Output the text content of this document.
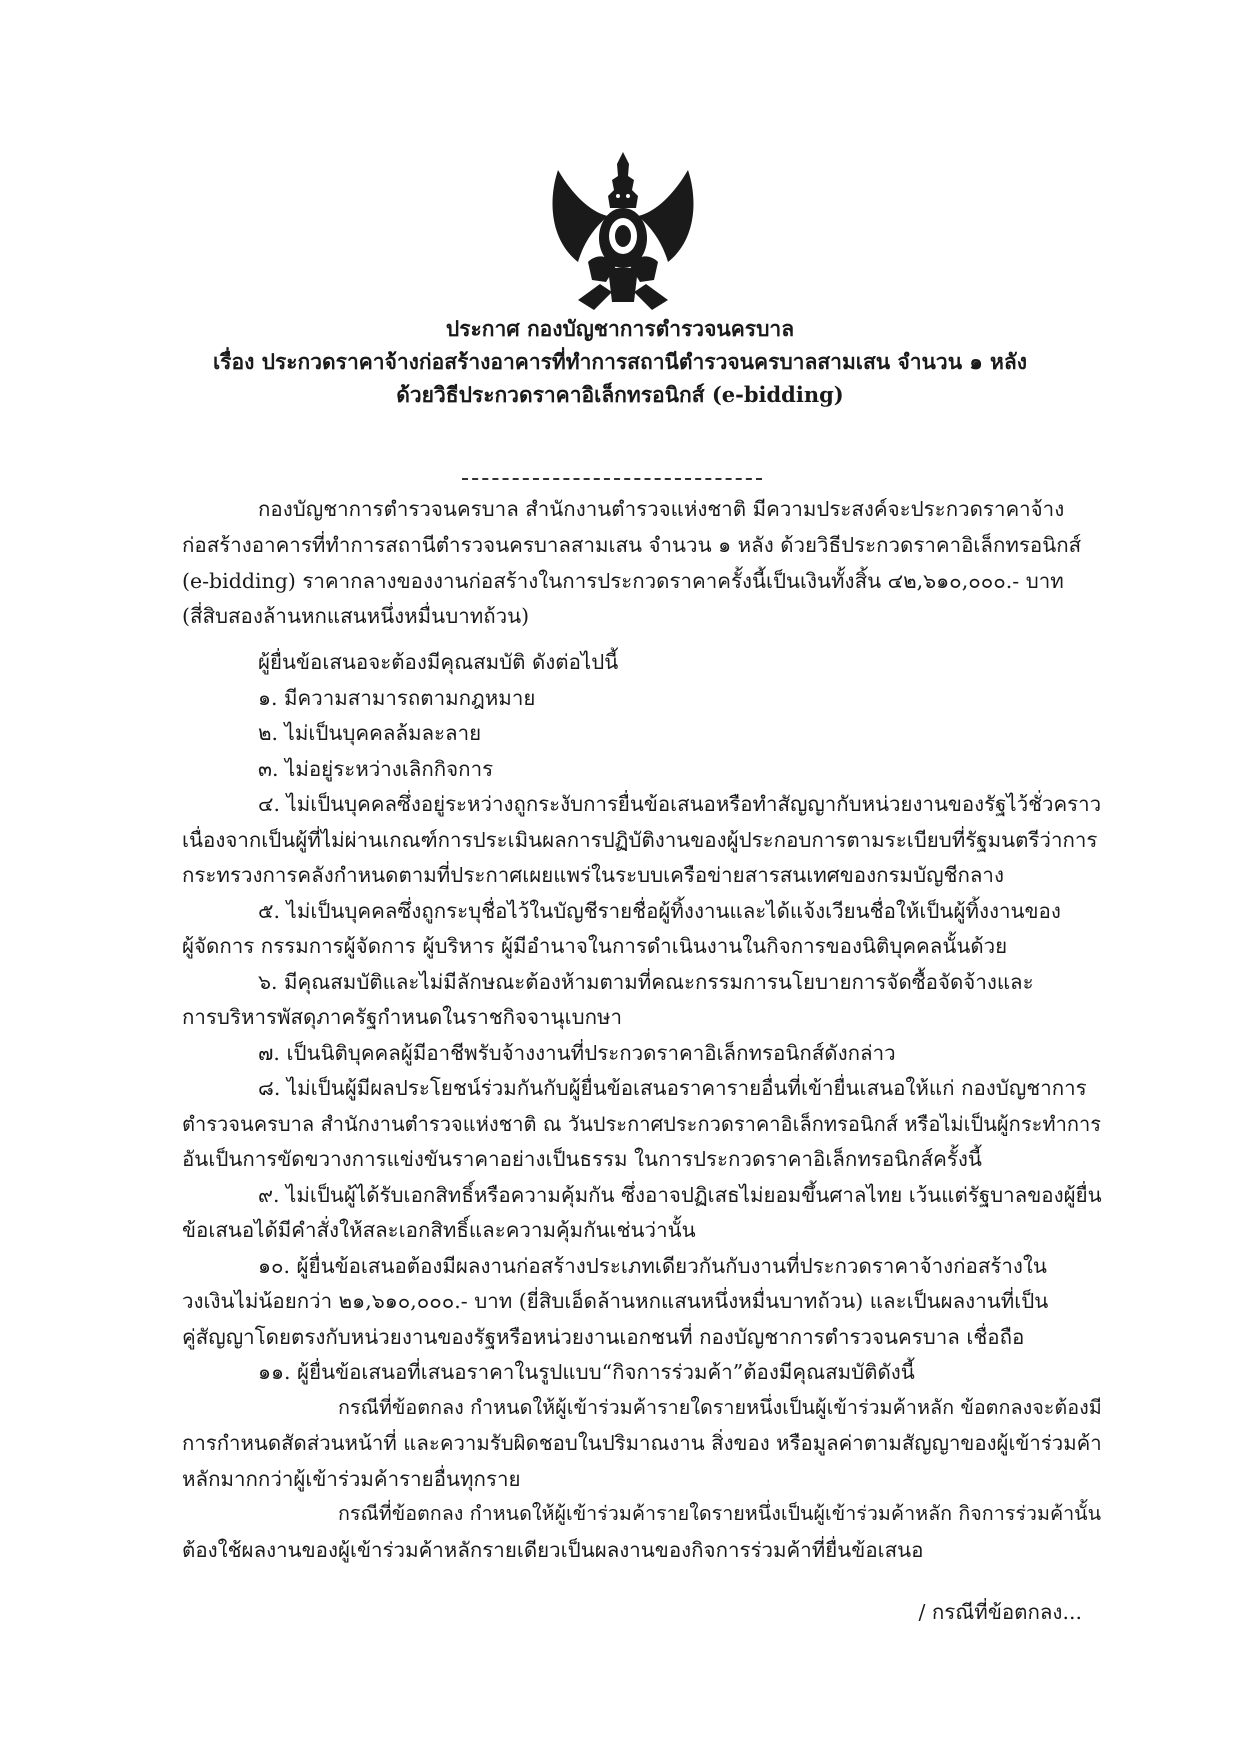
ประกาศ กองบัญชาการตำรวจนครบาล
เรื่อง ประกวดราคาจ้างก่อสร้างอาคารที่ทำการสถานีตำรวจนครบาลสามเสน จำนวน ๑ หลัง
ด้วยวิธีประกวดราคาอิเล็กทรอนิกส์ (e-bidding)
กองบัญชาการตำรวจนครบาล สำนักงานตำรวจแห่งชาติ มีความประสงค์จะประกวดราคาจ้าง
ก่อสร้างอาคารที่ทำการสถานีตำรวจนครบาลสามเสน จำนวน ๑ หลัง ด้วยวิธีประกวดราคาอิเล็กทรอนิกส์
(e-bidding) ราคากลางของงานก่อสร้างในการประกวดราคาครั้งนี้เป็นเงินทั้งสิ้น ๔๒,๖๑๐,๐๐๐.- บาท
(สี่สิบสองล้านหกแสนหนึ่งหมื่นบาทถ้วน)
ผู้ยื่นข้อเสนอจะต้องมีคุณสมบัติ ดังต่อไปนี้
๑. มีความสามารถตามกฎหมาย
๒. ไม่เป็นบุคคลล้มละลาย
๓. ไม่อยู่ระหว่างเลิกกิจการ
๔. ไม่เป็นบุคคลซึ่งอยู่ระหว่างถูกระงับการยื่นข้อเสนอหรือทำสัญญากับหน่วยงานของรัฐไว้ชั่วคราว
เนื่องจากเป็นผู้ที่ไม่ผ่านเกณฑ์การประเมินผลการปฏิบัติงานของผู้ประกอบการตามระเบียบที่รัฐมนตรีว่าการ
กระทรวงการคลังกำหนดตามที่ประกาศเผยแพร่ในระบบเครือข่ายสารสนเทศของกรมบัญชีกลาง
๕. ไม่เป็นบุคคลซึ่งถูกระบุชื่อไว้ในบัญชีรายชื่อผู้ทิ้งงานและได้แจ้งเวียนชื่อให้เป็นผู้ทิ้งงานของ
ผู้จัดการ กรรมการผู้จัดการ ผู้บริหาร ผู้มีอำนาจในการดำเนินงานในกิจการของนิติบุคคลนั้นด้วย
๖. มีคุณสมบัติและไม่มีลักษณะต้องห้ามตามที่คณะกรรมการนโยบายการจัดซื้อจัดจ้างและ
การบริหารพัสดุภาครัฐกำหนดในราชกิจจานุเบกษา
๗. เป็นนิติบุคคลผู้มีอาชีพรับจ้างงานที่ประกวดราคาอิเล็กทรอนิกส์ดังกล่าว
๘. ไม่เป็นผู้มีผลประโยชน์ร่วมกันกับผู้ยื่นข้อเสนอราคารายอื่นที่เข้ายื่นเสนอให้แก่ กองบัญชาการ
ตำรวจนครบาล สำนักงานตำรวจแห่งชาติ ณ วันประกาศประกวดราคาอิเล็กทรอนิกส์ หรือไม่เป็นผู้กระทำการ
อันเป็นการขัดขวางการแข่งขันราคาอย่างเป็นธรรม ในการประกวดราคาอิเล็กทรอนิกส์ครั้งนี้
๙. ไม่เป็นผู้ได้รับเอกสิทธิ์หรือความคุ้มกัน ซึ่งอาจปฏิเสธไม่ยอมขึ้นศาลไทย เว้นแต่รัฐบาลของผู้ยื่น
ข้อเสนอได้มีคำสั่งให้สละเอกสิทธิ์และความคุ้มกันเช่นว่านั้น
๑๐. ผู้ยื่นข้อเสนอต้องมีผลงานก่อสร้างประเภทเดียวกันกับงานที่ประกวดราคาจ้างก่อสร้างใน
วงเงินไม่น้อยกว่า ๒๑,๖๑๐,๐๐๐.- บาท (ยี่สิบเอ็ดล้านหกแสนหนึ่งหมื่นบาทถ้วน) และเป็นผลงานที่เป็น
คู่สัญญาโดยตรงกับหน่วยงานของรัฐหรือหน่วยงานเอกชนที่ กองบัญชาการตำรวจนครบาล เชื่อถือ
๑๑. ผู้ยื่นข้อเสนอที่เสนอราคาในรูปแบบ“กิจการร่วมค้า”ต้องมีคุณสมบัติดังนี้
กรณีที่ข้อตกลง กำหนดให้ผู้เข้าร่วมค้ารายใดรายหนึ่งเป็นผู้เข้าร่วมค้าหลัก ข้อตกลงจะต้องมี
การกำหนดสัดส่วนหน้าที่ และความรับผิดชอบในปริมาณงาน สิ่งของ หรือมูลค่าตามสัญญาของผู้เข้าร่วมค้า
หลักมากกว่าผู้เข้าร่วมค้ารายอื่นทุกราย
กรณีที่ข้อตกลง กำหนดให้ผู้เข้าร่วมค้ารายใดรายหนึ่งเป็นผู้เข้าร่วมค้าหลัก กิจการร่วมค้านั้น
ต้องใช้ผลงานของผู้เข้าร่วมค้าหลักรายเดียวเป็นผลงานของกิจการร่วมค้าที่ยื่นข้อเสนอ
/ กรณีที่ข้อตกลง...
